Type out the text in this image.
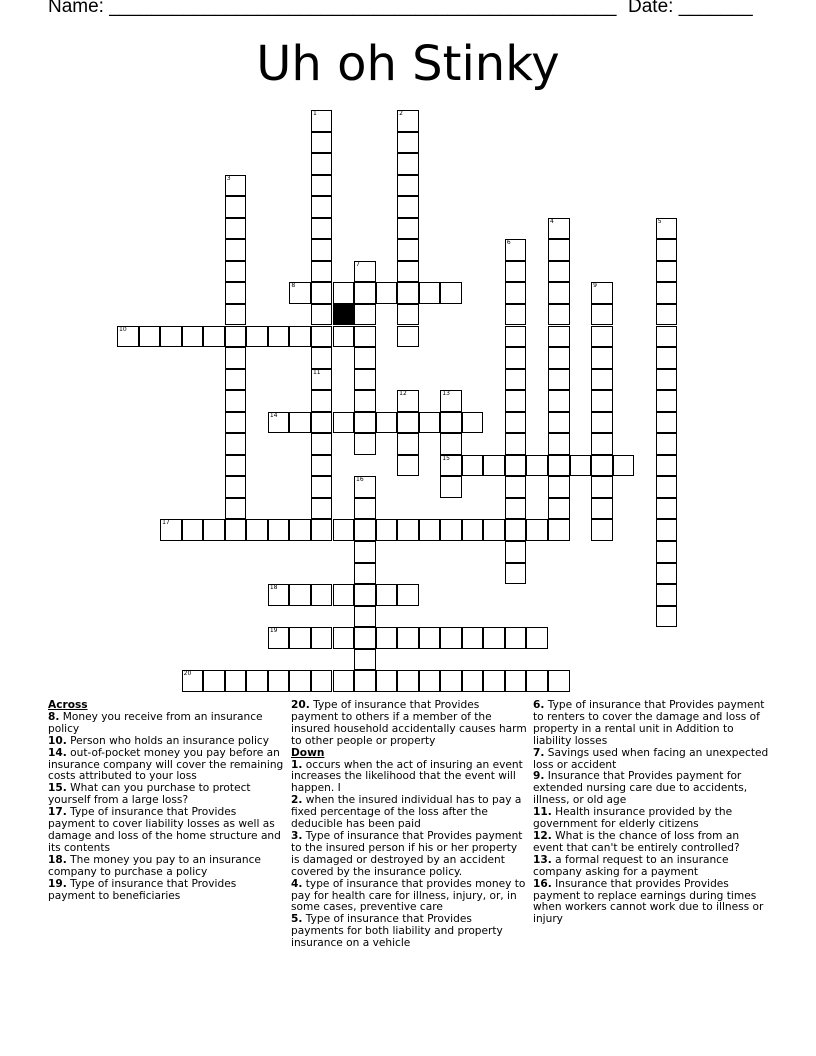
Name: ________________________________________________ Date: _______
Uh oh Stinky
1
11
2
3
4	5
6
7
8	9
10
12	13
15
14
16
17
18
19
20
Across
8. Money you receive from an insurance policy
10. Person who holds an insurance policy
14. out-of-pocket money you pay before an insurance company will cover the remaining costs attributed to your loss
15. What can you purchase to protect yourself from a large loss?
17. Type of insurance that Provides payment to cover liability losses as well as damage and loss of the home structure and its contents
18. The money you pay to an insurance company to purchase a policy
19. Type of insurance that Provides payment to beneficiaries
20. Type of insurance that Provides payment to others if a member of the insured household accidentally causes harm to other people or property
Down
1. occurs when the act of insuring an event increases the likelihood that the event will happen. I
2. when the insured individual has to pay a fixed percentage of the loss after the deducible has been paid
3. Type of insurance that Provides payment to the insured person if his or her property is damaged or destroyed by an accident covered by the insurance policy.
4. type of insurance that provides money to pay for health care for illness, injury, or, in some cases, preventive care
5. Type of insurance that Provides payments for both liability and property insurance on a vehicle
6. Type of insurance that Provides payment to renters to cover the damage and loss of property in a rental unit in Addition to liability losses
7. Savings used when facing an unexpected loss or accident
9. Insurance that Provides payment for extended nursing care due to accidents, illness, or old age
11. Health insurance provided by the government for elderly citizens
12. What is the chance of loss from an event that can't be entirely controlled?
13. a formal request to an insurance company asking for a payment
16. Insurance that provides Provides payment to replace earnings during times when workers cannot work due to illness or injury
